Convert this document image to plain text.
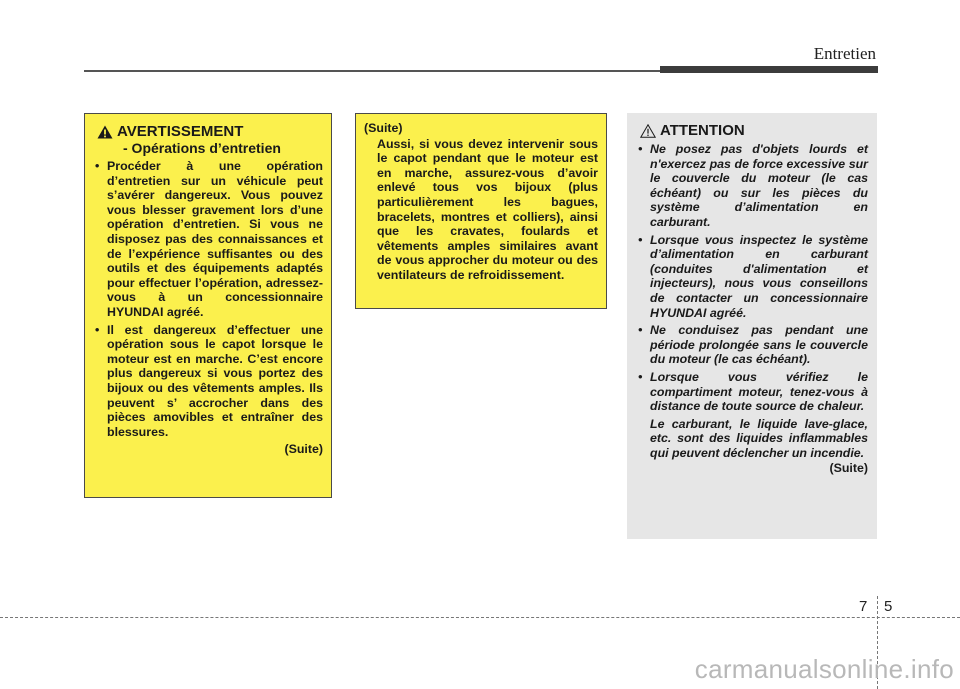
Entretien
AVERTISSEMENT
- Opérations d’entretien
• Procéder à une opération d’entretien sur un véhicule peut s’avérer dangereux. Vous pouvez vous blesser gravement lors d’une opération d’entretien. Si vous ne disposez pas des connaissances et de l’expérience suffisantes ou des outils et des équipements adaptés pour effectuer l’opération, adressez-vous à un concessionnaire HYUNDAI agréé.
• Il est dangereux d’effectuer une opération sous le capot lorsque le moteur est en marche. C’est encore plus dangereux si vous portez des bijoux ou des vêtements amples. Ils peuvent s’ accrocher dans des pièces amovibles et entraîner des blessures.
(Suite)
(Suite)
Aussi, si vous devez intervenir sous le capot pendant que le moteur est en marche, assurez-vous d’avoir enlevé tous vos bijoux (plus particulièrement les bagues, bracelets, montres et colliers), ainsi que les cravates, foulards et vêtements amples similaires avant de vous approcher du moteur ou des ventilateurs de refroidissement.
ATTENTION
• Ne posez pas d'objets lourds et n'exercez pas de force excessive sur le couvercle du moteur (le cas échéant) ou sur les pièces du système d’alimentation en carburant.
• Lorsque vous inspectez le système d’alimentation en carburant (conduites d'alimentation et injecteurs), nous vous conseillons de contacter un concessionnaire HYUNDAI agréé.
• Ne conduisez pas pendant une période prolongée sans le couvercle du moteur (le cas échéant).
• Lorsque vous vérifiez le compartiment moteur, tenez-vous à distance de toute source de chaleur.
Le carburant, le liquide lave-glace, etc. sont des liquides inflammables qui peuvent déclencher un incendie.
(Suite)
7 5
carmanualsonline.info
